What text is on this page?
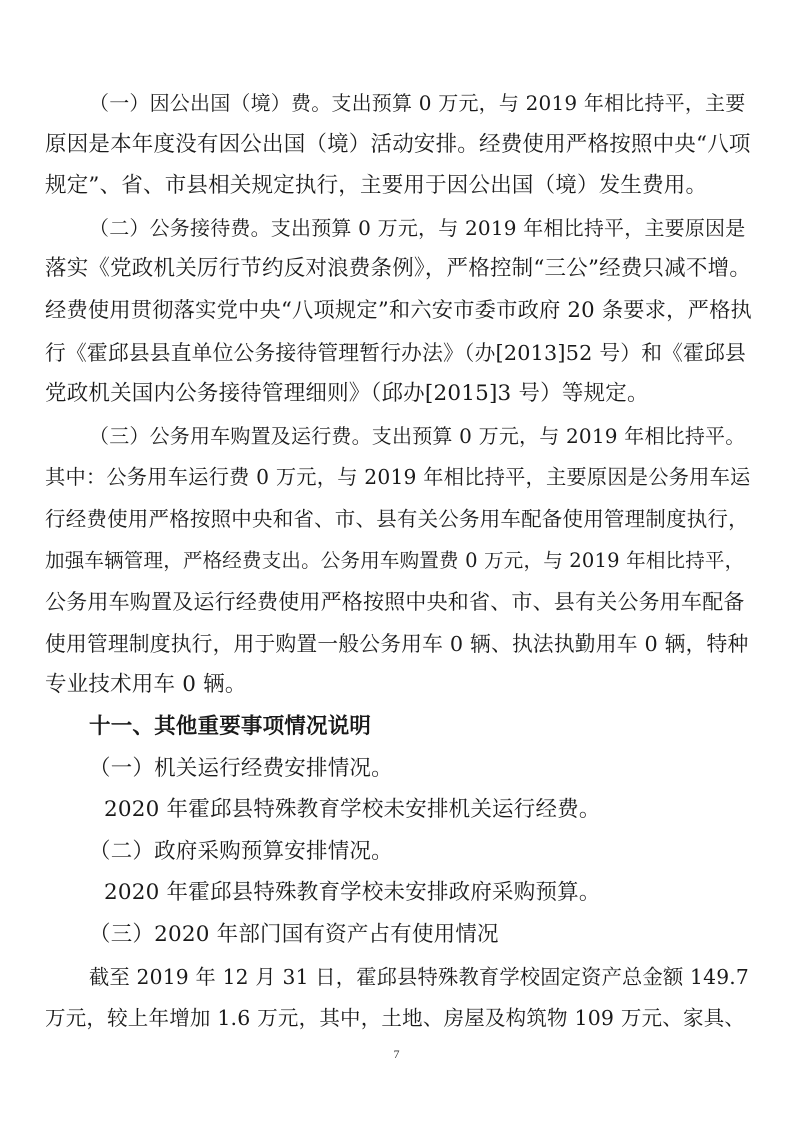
（一）因公出国（境）费。支出预算 0 万元，与 2019 年相比持平，主要
原因是本年度没有因公出国（境）活动安排。经费使用严格按照中央“八项
规定”、省、市县相关规定执行，主要用于因公出国（境）发生费用。
（二）公务接待费。支出预算 0 万元，与 2019 年相比持平，主要原因是
落实《党政机关厉行节约反对浪费条例》，严格控制“三公”经费只减不增。
经费使用贯彻落实党中央“八项规定”和六安市委市政府 20 条要求，严格执
行《霍邱县县直单位公务接待管理暂行办法》（办[2013]52 号）和《霍邱县
党政机关国内公务接待管理细则》（邱办[2015]3 号）等规定。
（三）公务用车购置及运行费。支出预算 0 万元，与 2019 年相比持平。
其中：公务用车运行费 0 万元，与 2019 年相比持平，主要原因是公务用车运
行经费使用严格按照中央和省、市、县有关公务用车配备使用管理制度执行，
加强车辆管理，严格经费支出。公务用车购置费 0 万元，与 2019 年相比持平，
公务用车购置及运行经费使用严格按照中央和省、市、县有关公务用车配备
使用管理制度执行，用于购置一般公务用车 0 辆、执法执勤用车 0 辆，特种
专业技术用车 0 辆。
十一、其他重要事项情况说明
（一）机关运行经费安排情况。
2020 年霍邱县特殊教育学校未安排机关运行经费。
（二）政府采购预算安排情况。
2020 年霍邱县特殊教育学校未安排政府采购预算。
（三）2020 年部门国有资产占有使用情况
截至 2019 年 12 月 31 日，霍邱县特殊教育学校固定资产总金额 149.7
万元，较上年增加 1.6 万元，其中，土地、房屋及构筑物 109 万元、家具、
7
